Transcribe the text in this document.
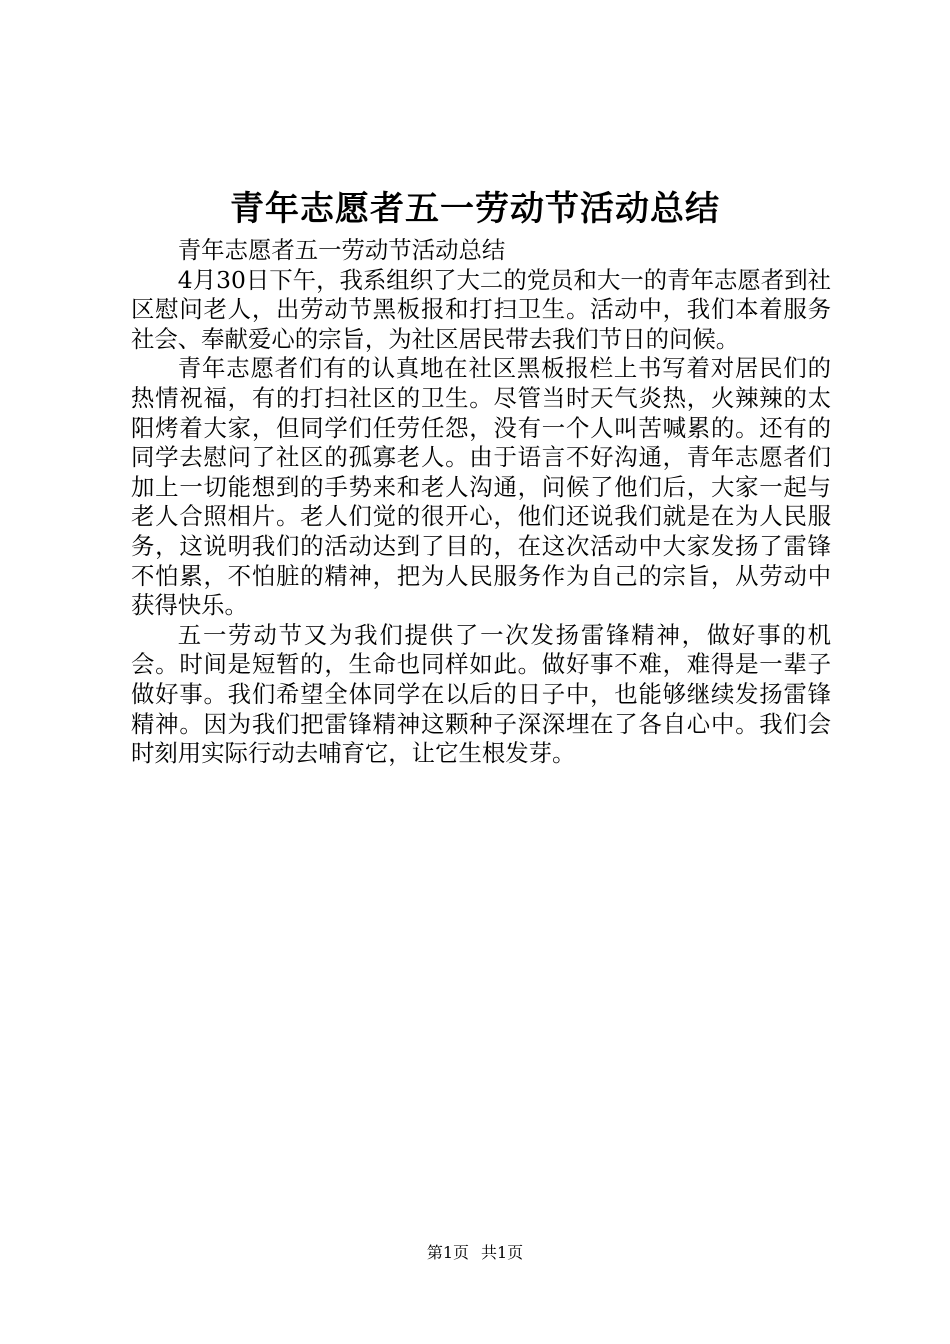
青年志愿者五一劳动节活动总结

青年志愿者五一劳动节活动总结

4月30日下午，我系组织了大二的党员和大一的青年志愿者到社区慰问老人，出劳动节黑板报和打扫卫生。活动中，我们本着服务社会、奉献爱心的宗旨，为社区居民带去我们节日的问候。

青年志愿者们有的认真地在社区黑板报栏上书写着对居民们的热情祝福，有的打扫社区的卫生。尽管当时天气炎热，火辣辣的太阳烤着大家，但同学们任劳任怨，没有一个人叫苦喊累的。还有的同学去慰问了社区的孤寡老人。由于语言不好沟通，青年志愿者们加上一切能想到的手势来和老人沟通，问候了他们后，大家一起与老人合照相片。老人们觉的很开心，他们还说我们就是在为人民服务，这说明我们的活动达到了目的，在这次活动中大家发扬了雷锋不怕累，不怕脏的精神，把为人民服务作为自己的宗旨，从劳动中获得快乐。

五一劳动节又为我们提供了一次发扬雷锋精神，做好事的机会。时间是短暂的，生命也同样如此。做好事不难，难得是一辈子做好事。我们希望全体同学在以后的日子中，也能够继续发扬雷锋精神。因为我们把雷锋精神这颗种子深深埋在了各自心中。我们会时刻用实际行动去哺育它，让它生根发芽。

第1页 共1页
